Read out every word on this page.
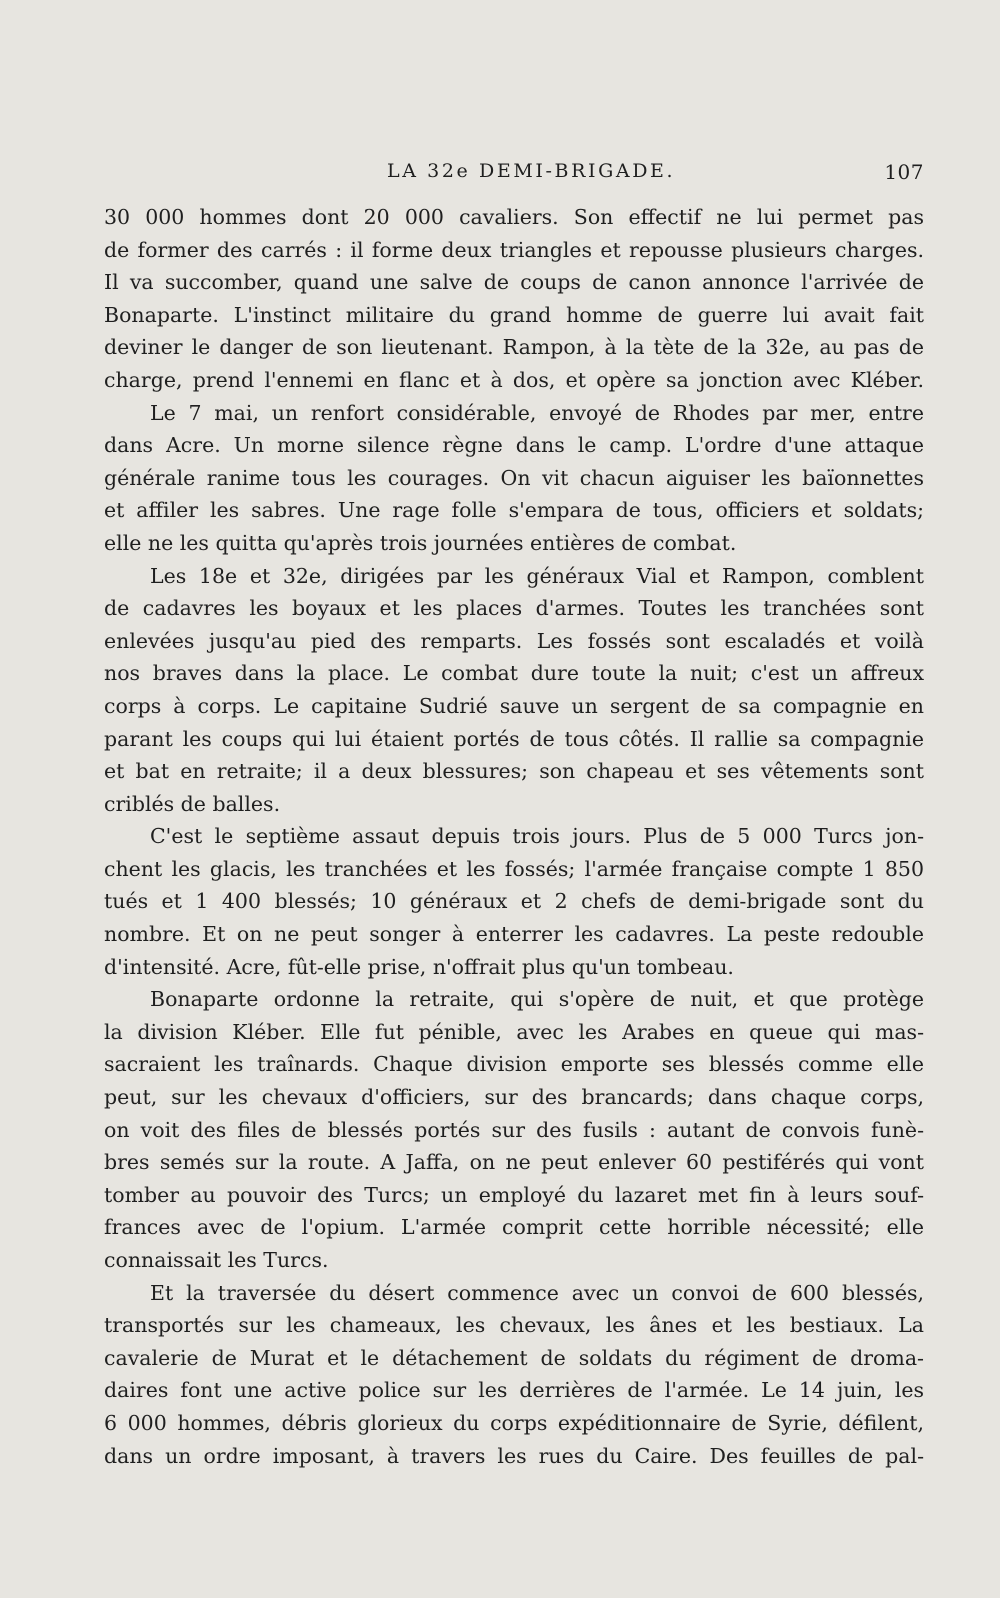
LA 32e DEMI-BRIGADE.	107
30 000 hommes dont 20 000 cavaliers. Son effectif ne lui permet pas
de former des carrés : il forme deux triangles et repousse plusieurs charges.
Il va succomber, quand une salve de coups de canon annonce l'arrivée de
Bonaparte. L'instinct militaire du grand homme de guerre lui avait fait
deviner le danger de son lieutenant. Rampon, à la tète de la 32e, au pas de
charge, prend l'ennemi en flanc et à dos, et opère sa jonction avec Kléber.
Le 7 mai, un renfort considérable, envoyé de Rhodes par mer, entre
dans Acre. Un morne silence règne dans le camp. L'ordre d'une attaque
générale ranime tous les courages. On vit chacun aiguiser les baïonnettes
et affiler les sabres. Une rage folle s'empara de tous, officiers et soldats;
elle ne les quitta qu'après trois journées entières de combat.
Les 18e et 32e, dirigées par les généraux Vial et Rampon, comblent
de cadavres les boyaux et les places d'armes. Toutes les tranchées sont
enlevées jusqu'au pied des remparts. Les fossés sont escaladés et voilà
nos braves dans la place. Le combat dure toute la nuit; c'est un affreux
corps à corps. Le capitaine Sudrié sauve un sergent de sa compagnie en
parant les coups qui lui étaient portés de tous côtés. Il rallie sa compagnie
et bat en retraite; il a deux blessures; son chapeau et ses vêtements sont
criblés de balles.
C'est le septième assaut depuis trois jours. Plus de 5 000 Turcs jon-
chent les glacis, les tranchées et les fossés; l'armée française compte 1 850
tués et 1 400 blessés; 10 généraux et 2 chefs de demi-brigade sont du
nombre. Et on ne peut songer à enterrer les cadavres. La peste redouble
d'intensité. Acre, fût-elle prise, n'offrait plus qu'un tombeau.
Bonaparte ordonne la retraite, qui s'opère de nuit, et que protège
la division Kléber. Elle fut pénible, avec les Arabes en queue qui mas-
sacraient les traînards. Chaque division emporte ses blessés comme elle
peut, sur les chevaux d'officiers, sur des brancards; dans chaque corps,
on voit des files de blessés portés sur des fusils : autant de convois funè-
bres semés sur la route. A Jaffa, on ne peut enlever 60 pestiférés qui vont
tomber au pouvoir des Turcs; un employé du lazaret met fin à leurs souf-
frances avec de l'opium. L'armée comprit cette horrible nécessité; elle
connaissait les Turcs.
Et la traversée du désert commence avec un convoi de 600 blessés,
transportés sur les chameaux, les chevaux, les ânes et les bestiaux. La
cavalerie de Murat et le détachement de soldats du régiment de droma-
daires font une active police sur les derrières de l'armée. Le 14 juin, les
6 000 hommes, débris glorieux du corps expéditionnaire de Syrie, défilent,
dans un ordre imposant, à travers les rues du Caire. Des feuilles de pal-
